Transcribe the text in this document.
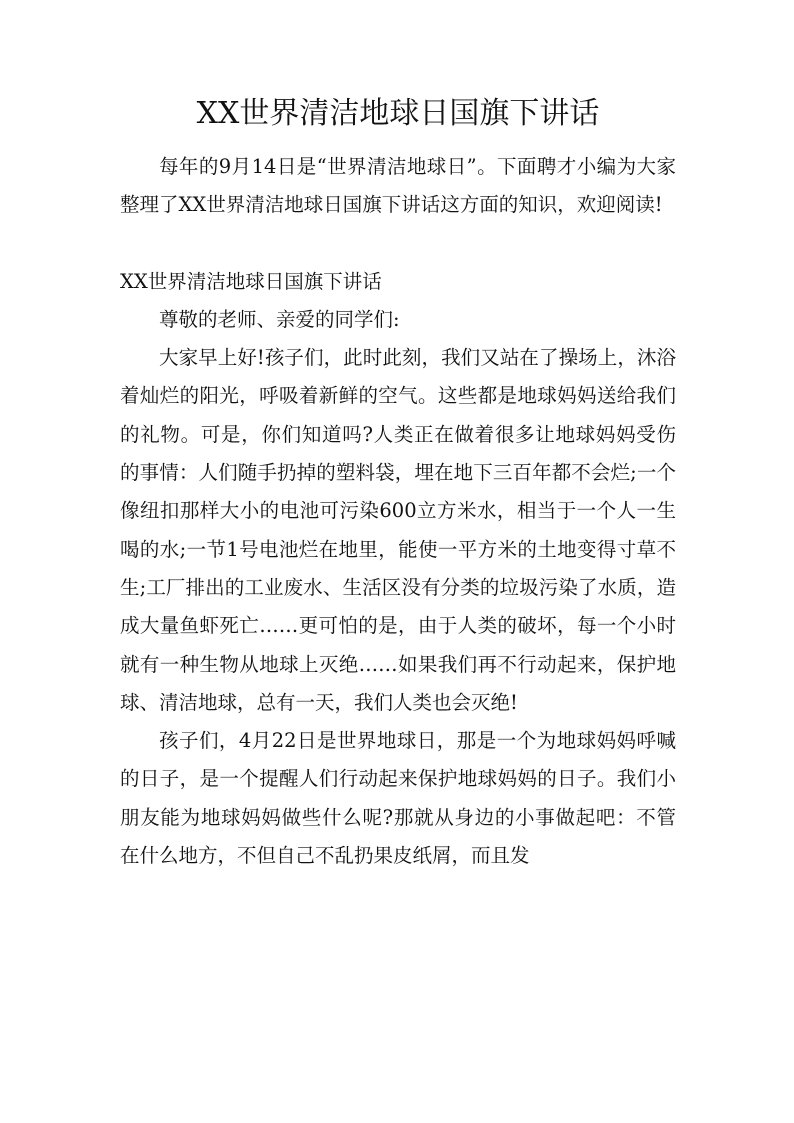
XX世界清洁地球日国旗下讲话

每年的9月14日是“世界清洁地球日”。下面聘才小编为大家整理了XX世界清洁地球日国旗下讲话这方面的知识，欢迎阅读!

XX世界清洁地球日国旗下讲话

尊敬的老师、亲爱的同学们:

大家早上好!孩子们，此时此刻，我们又站在了操场上，沐浴着灿烂的阳光，呼吸着新鲜的空气。这些都是地球妈妈送给我们的礼物。可是，你们知道吗?人类正在做着很多让地球妈妈受伤的事情：人们随手扔掉的塑料袋，埋在地下三百年都不会烂;一个像纽扣那样大小的电池可污染600立方米水，相当于一个人一生喝的水;一节1号电池烂在地里，能使一平方米的土地变得寸草不生;工厂排出的工业废水、生活区没有分类的垃圾污染了水质，造成大量鱼虾死亡……更可怕的是，由于人类的破坏，每一个小时就有一种生物从地球上灭绝……如果我们再不行动起来，保护地球、清洁地球，总有一天，我们人类也会灭绝!

孩子们，4月22日是世界地球日，那是一个为地球妈妈呼喊的日子，是一个提醒人们行动起来保护地球妈妈的日子。我们小朋友能为地球妈妈做些什么呢?那就从身边的小事做起吧：不管在什么地方，不但自己不乱扔果皮纸屑，而且发
